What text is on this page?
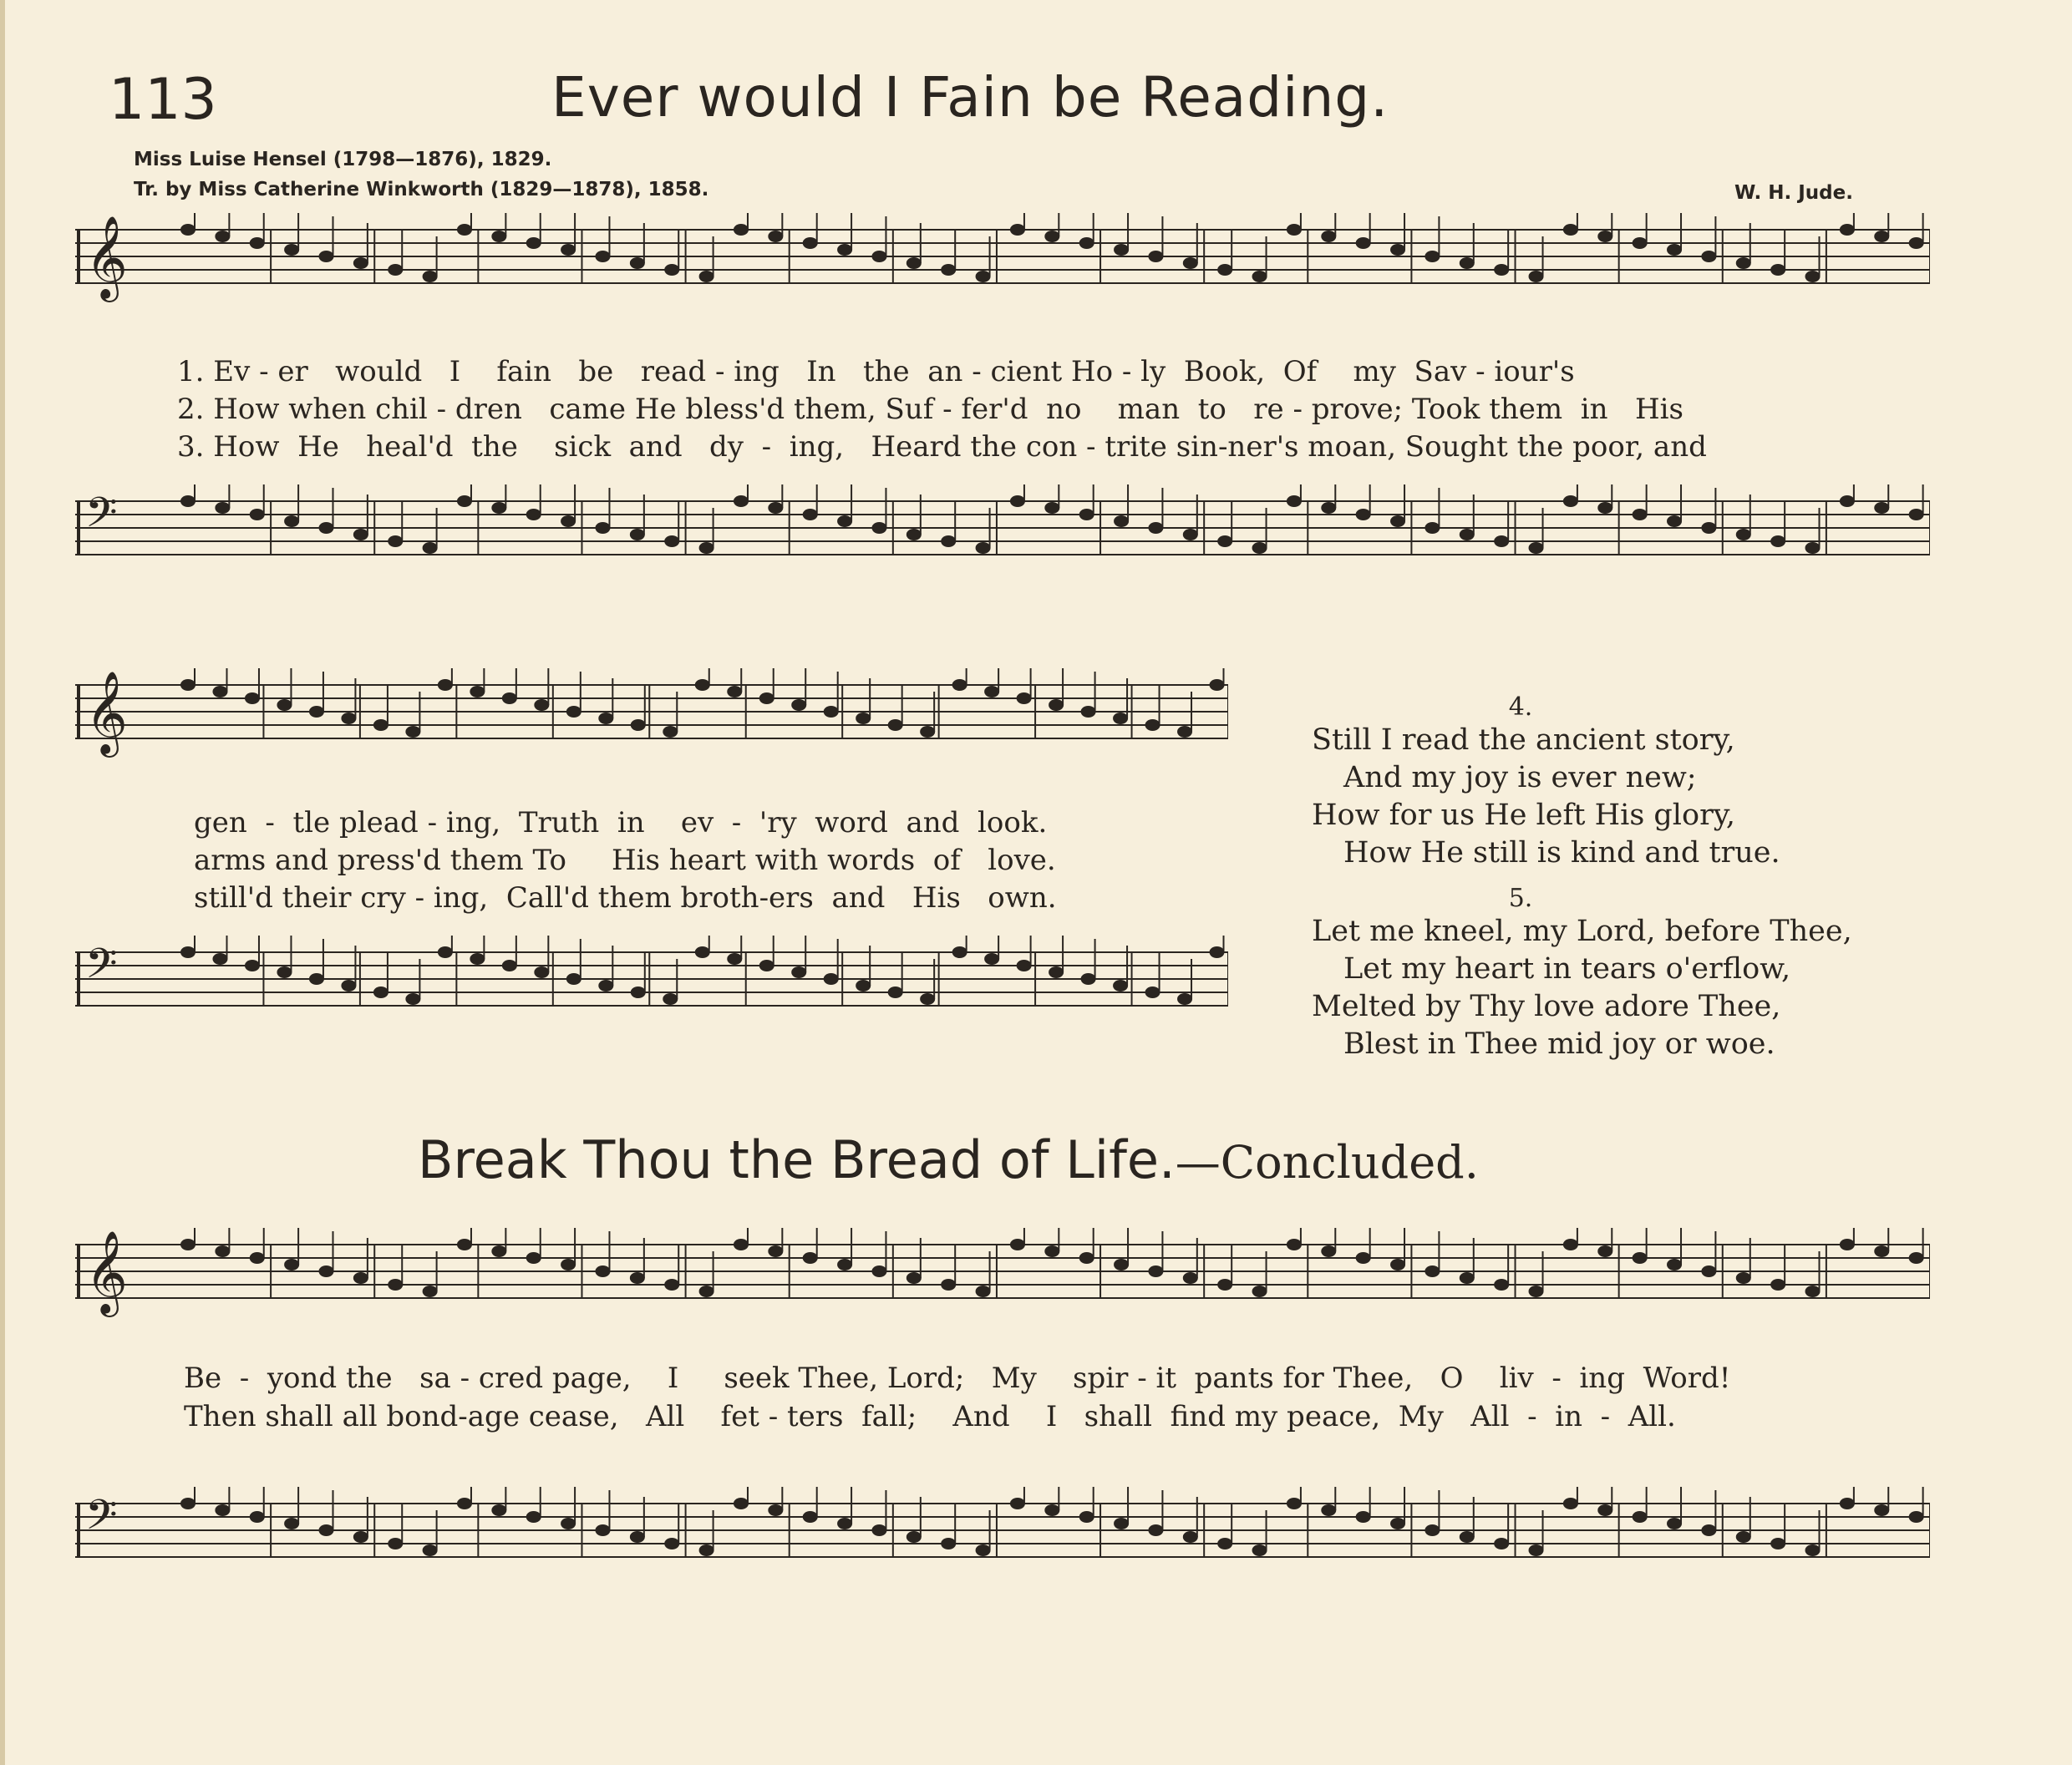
113	Ever would I Fain be Reading.
Miss Luise Hensel (1798—1876), 1829.
Tr. by Miss Catherine Winkworth (1829—1878), 1858.	W. H. Jude.
𝄞
𝄢
1. Ev - er   would   I    fain   be   read - ing   In   the  an - cient Ho - ly  Book,  Of    my  Sav - iour's
2. How when chil - dren   came He bless'd them, Suf - fer'd  no    man  to   re - prove; Took them  in   His
3. How  He   heal'd  the    sick  and   dy  -  ing,   Heard the con - trite sin-ner's moan, Sought the poor, and
𝄞
𝄢
gen  -  tle plead - ing,  Truth  in    ev  -  'ry  word  and  look.
arms and press'd them To     His heart with words  of   love.
still'd their cry - ing,  Call'd them broth-ers  and   His   own.
4.
Still I read the ancient story,
And my joy is ever new;
How for us He left His glory,
How He still is kind and true.
5.
Let me kneel, my Lord, before Thee,
Let my heart in tears o'erflow,
Melted by Thy love adore Thee,
Blest in Thee mid joy or woe.
Break Thou the Bread of Life.—Concluded.
𝄞
𝄢
Be  -  yond the   sa - cred page,    I     seek Thee, Lord;   My    spir - it  pants for Thee,   O    liv  -  ing  Word!
Then shall all bond-age cease,   All    fet - ters  fall;    And    I   shall  find my peace,  My   All  -  in  -  All.
